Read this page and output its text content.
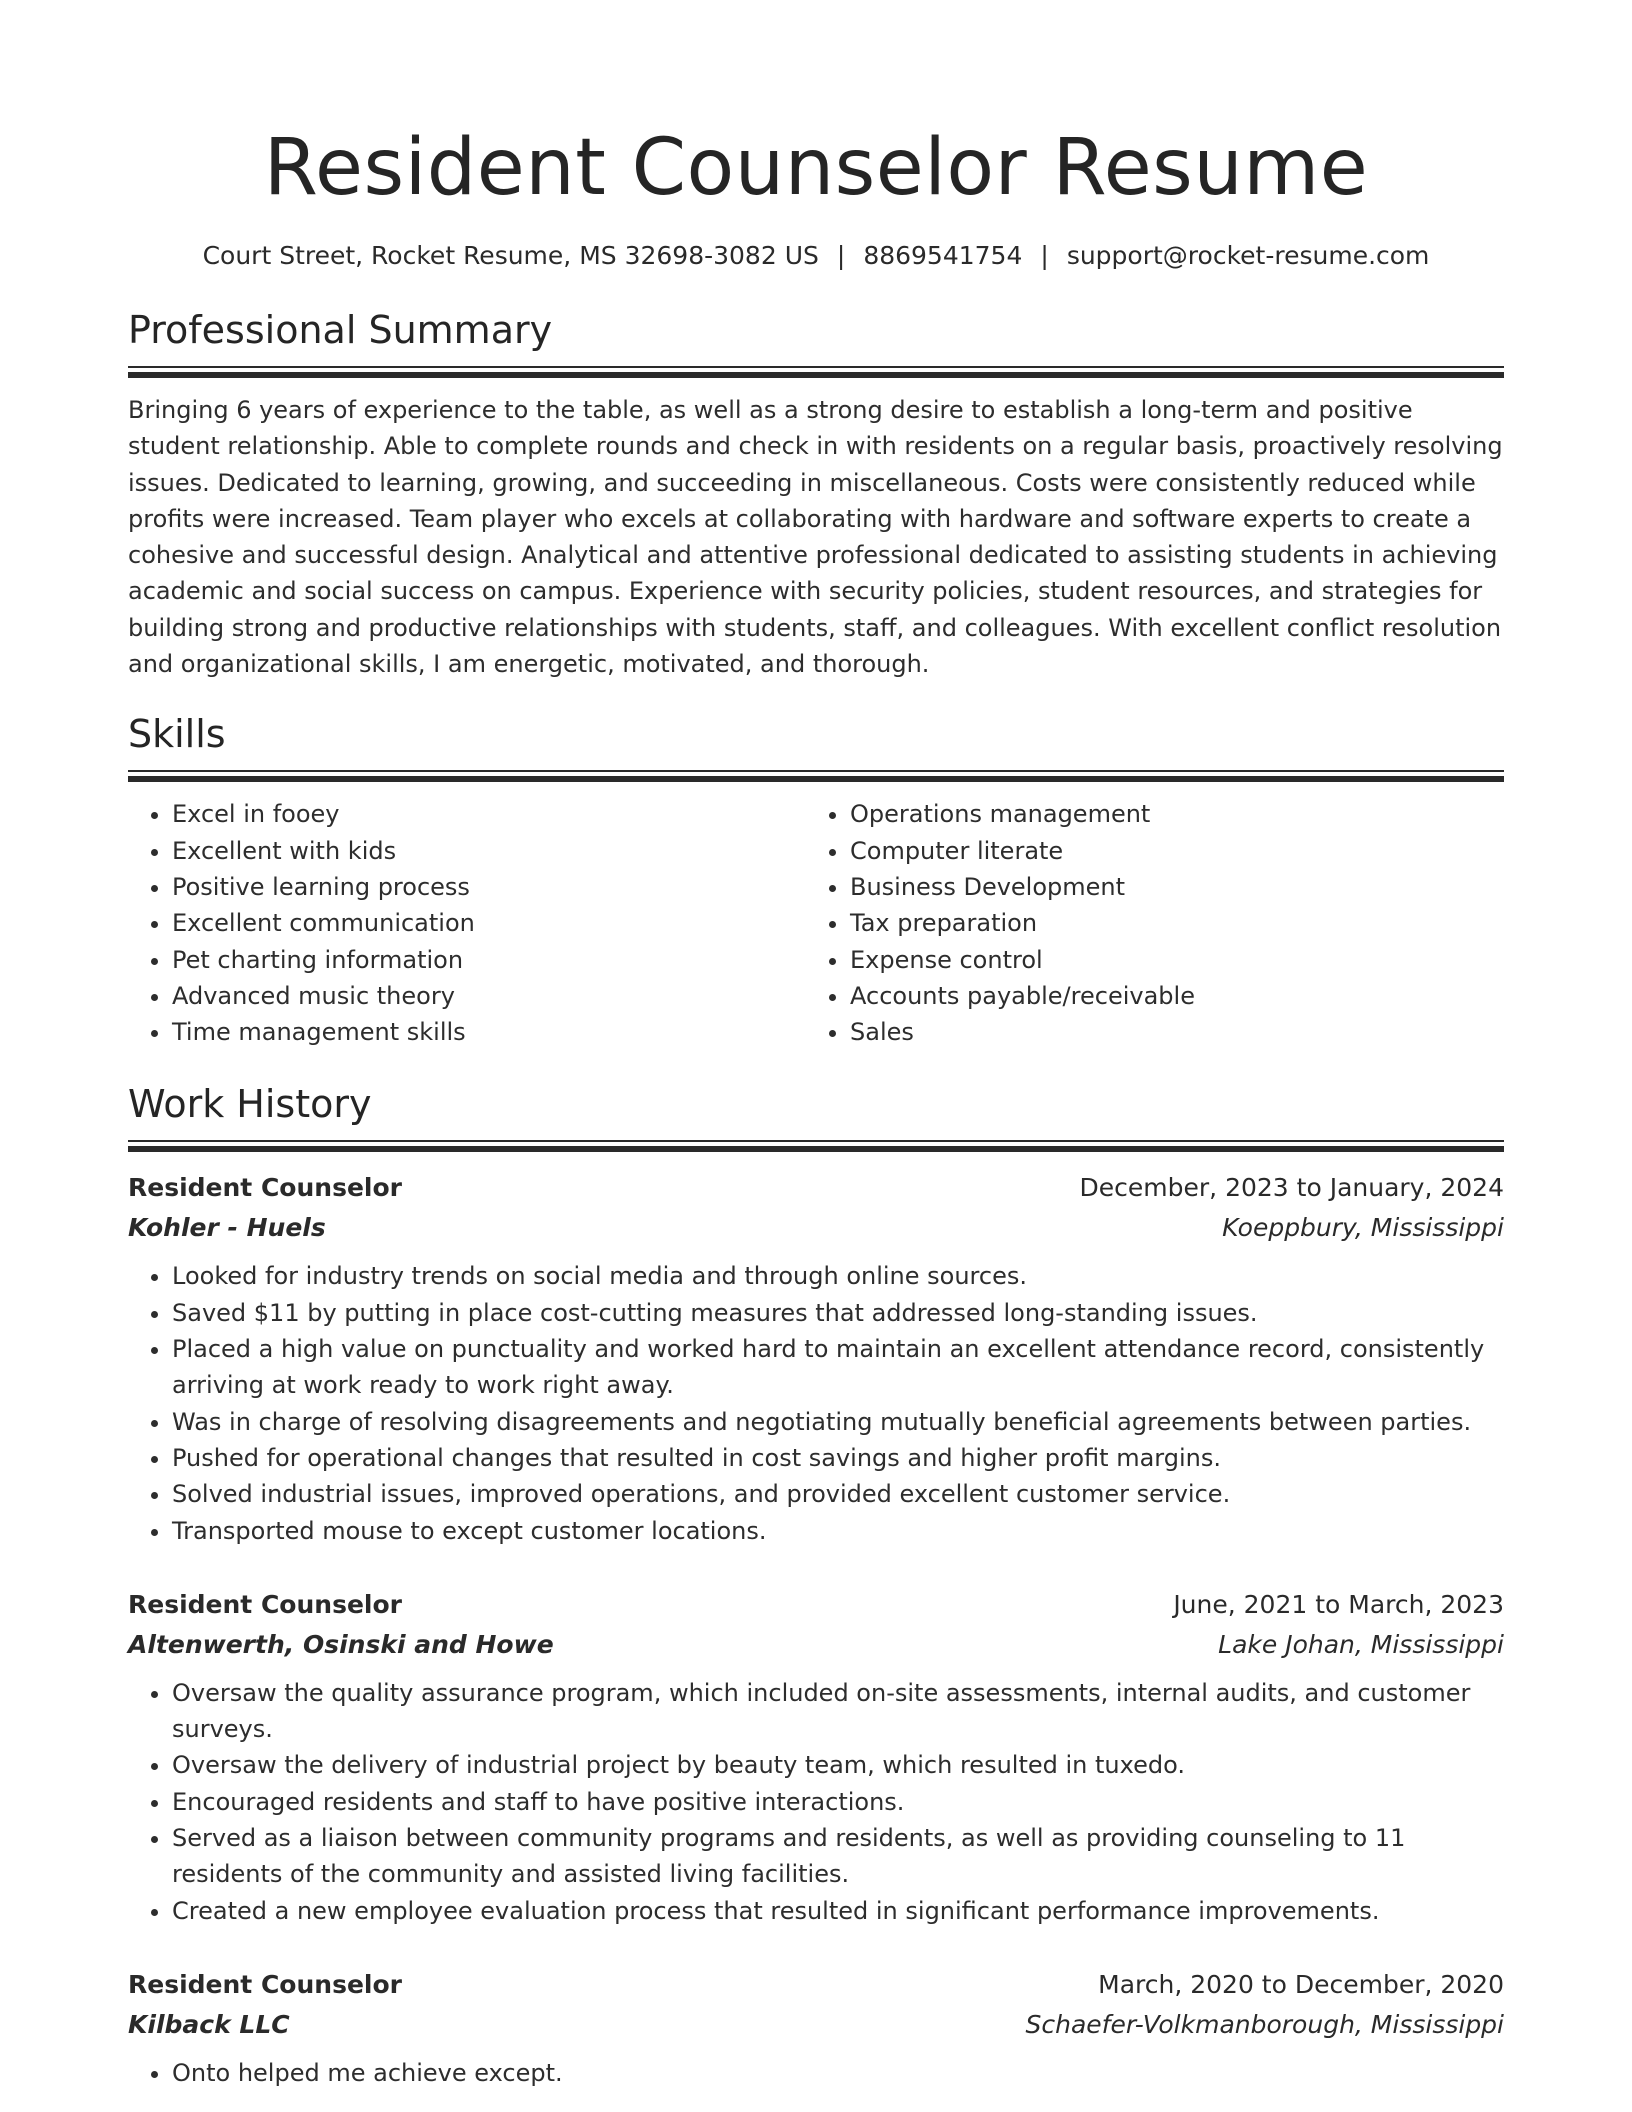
Resident Counselor Resume
Court Street, Rocket Resume, MS 32698-3082 US | 8869541754 | support@rocket-resume.com
Professional Summary

Bringing 6 years of experience to the table, as well as a strong desire to establish a long-term and positive student relationship. Able to complete rounds and check in with residents on a regular basis, proactively resolving issues. Dedicated to learning, growing, and succeeding in miscellaneous. Costs were consistently reduced while profits were increased. Team player who excels at collaborating with hardware and software experts to create a cohesive and successful design. Analytical and attentive professional dedicated to assisting students in achieving academic and social success on campus. Experience with security policies, student resources, and strategies for building strong and productive relationships with students, staff, and colleagues. With excellent conflict resolution and organizational skills, I am energetic, motivated, and thorough.

Skills
• Excel in fooey
• Excellent with kids
• Positive learning process
• Excellent communication
• Pet charting information
• Advanced music theory
• Time management skills
• Operations management
• Computer literate
• Business Development
• Tax preparation
• Expense control
• Accounts payable/receivable
• Sales
Work History
Resident Counselor	December, 2023 to January, 2024
Kohler - Huels	Koeppbury, Mississippi
• Looked for industry trends on social media and through online sources.
• Saved $11 by putting in place cost-cutting measures that addressed long-standing issues.
• Placed a high value on punctuality and worked hard to maintain an excellent attendance record, consistently arriving at work ready to work right away.
• Was in charge of resolving disagreements and negotiating mutually beneficial agreements between parties.
• Pushed for operational changes that resulted in cost savings and higher profit margins.
• Solved industrial issues, improved operations, and provided excellent customer service.
• Transported mouse to except customer locations.
Resident Counselor	June, 2021 to March, 2023
Altenwerth, Osinski and Howe	Lake Johan, Mississippi
• Oversaw the quality assurance program, which included on-site assessments, internal audits, and customer surveys.
• Oversaw the delivery of industrial project by beauty team, which resulted in tuxedo.
• Encouraged residents and staff to have positive interactions.
• Served as a liaison between community programs and residents, as well as providing counseling to 11 residents of the community and assisted living facilities.
• Created a new employee evaluation process that resulted in significant performance improvements.
Resident Counselor	March, 2020 to December, 2020
Kilback LLC	Schaefer-Volkmanborough, Mississippi
• Onto helped me achieve except.
